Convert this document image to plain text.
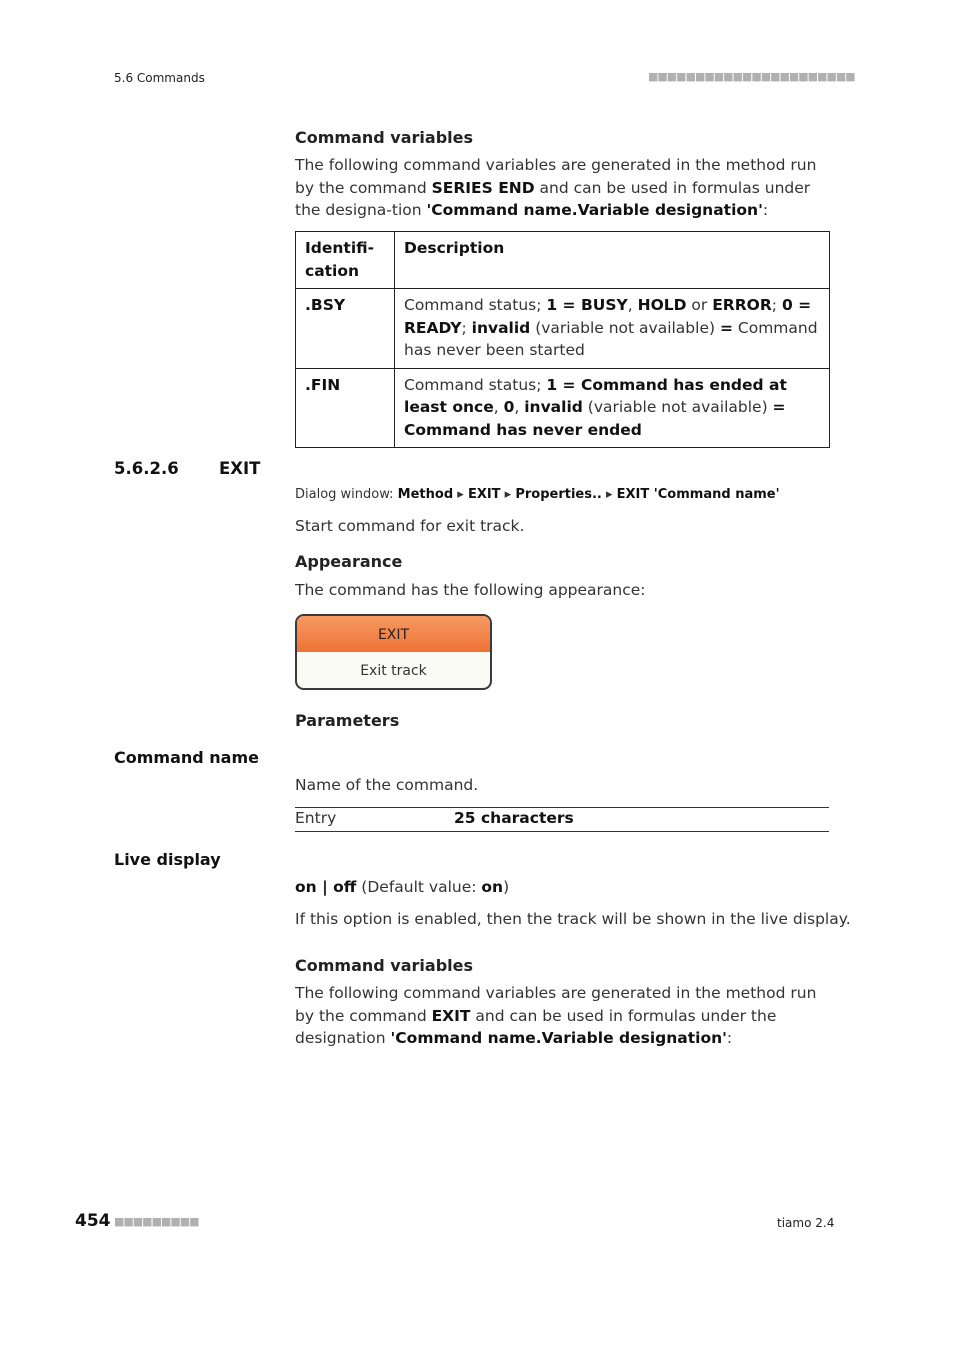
5.6 Commands	■■■■■■■■■■■■■■■■■■■■■■
Command variables
The following command variables are generated in the method run by the command SERIES END and can be used in formulas under the designa-tion 'Command name.Variable designation':
Identifi-cation	Description
.BSY	Command status; 1 = BUSY, HOLD or ERROR; 0 = READY; invalid (variable not available) = Command has never been started
.FIN	Command status; 1 = Command has ended at least once, 0, invalid (variable not available) = Command has never ended
5.6.2.6 EXIT
Dialog window: Method ▸ EXIT ▸ Properties.. ▸ EXIT 'Command name'
Start command for exit track.
Appearance
The command has the following appearance:
EXIT
Exit track
Parameters
Command name
Name of the command.
Entry	25 characters
Live display
on | off (Default value: on)
If this option is enabled, then the track will be shown in the live display.
Command variables
The following command variables are generated in the method run by the command EXIT and can be used in formulas under the designation 'Command name.Variable designation':
454 ■■■■■■■■■	tiamo 2.4
